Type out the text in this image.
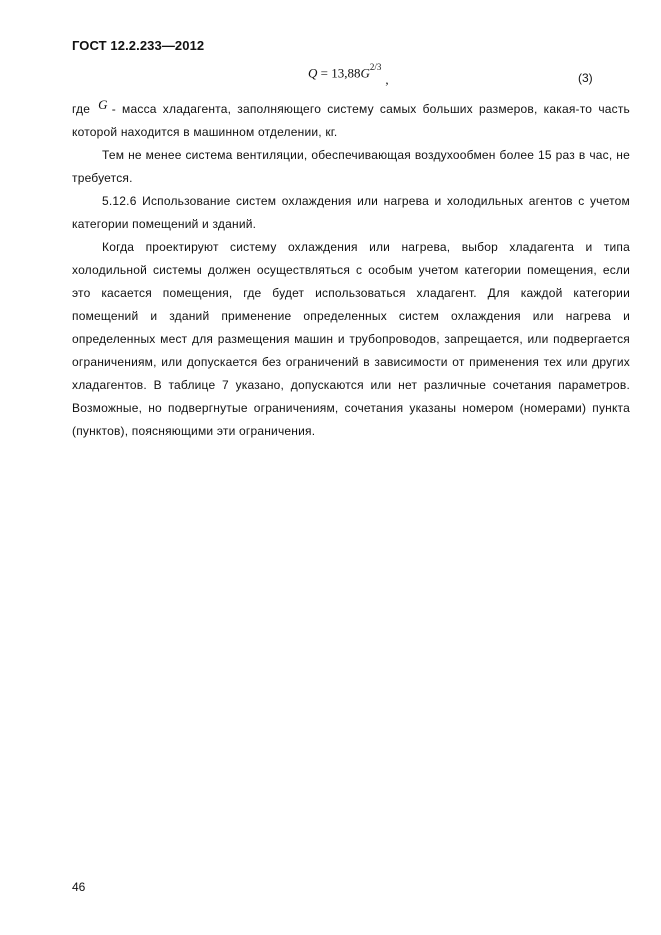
ГОСТ 12.2.233—2012
$Q = 13,88G^{2/3}$,	(3)

где G - масса хладагента, заполняющего систему самых больших размеров, какая-то часть которой находится в машинном отделении, кг.

Тем не менее система вентиляции, обеспечивающая воздухообмен более 15 раз в час, не требуется.

5.12.6 Использование систем охлаждения или нагрева и холодильных агентов с учетом категории помещений и зданий.

Когда проектируют систему охлаждения или нагрева, выбор хладагента и типа холодильной системы должен осуществляться с особым учетом категории помещения, если это касается помещения, где будет использоваться хладагент. Для каждой категории помещений и зданий применение определенных систем охлаждения или нагрева и определенных мест для размещения машин и трубопроводов, запрещается, или подвергается ограничениям, или допускается без ограничений в зависимости от применения тех или других хладагентов. В таблице 7 указано, допускаются или нет различные сочетания параметров. Возможные, но подвергнутые ограничениям, сочетания указаны номером (номерами) пункта (пунктов), поясняющими эти ограничения.

46
